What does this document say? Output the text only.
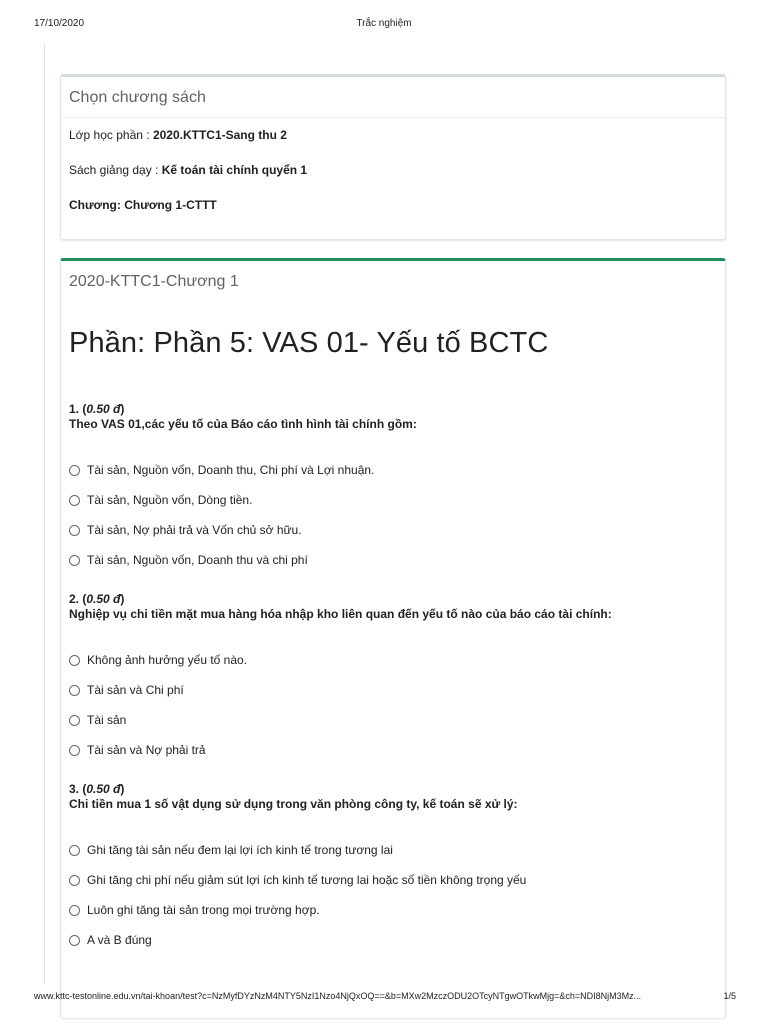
17/10/2020	Trắc nghiệm
Chọn chương sách
Lớp học phần : 2020.KTTC1-Sang thu 2
Sách giảng dạy : Kế toán tài chính quyển 1
Chương: Chương 1-CTTT
2020-KTTC1-Chương 1
Phần: Phần 5: VAS 01- Yếu tố BCTC
1. (0.50 đ)
Theo VAS 01,các yếu tố của Báo cáo tình hình tài chính gồm:
Tài sản, Nguồn vốn, Doanh thu, Chi phí và Lợi nhuận.
Tài sản, Nguồn vốn, Dòng tiền.
Tài sản, Nợ phải trả và Vốn chủ sở hữu.
Tài sản, Nguồn vốn, Doanh thu và chi phí
2. (0.50 đ)
Nghiệp vụ chi tiền mặt mua hàng hóa nhập kho liên quan đến yếu tố nào của báo cáo tài chính:
Không ảnh hưởng yếu tố nào.
Tài sản và Chi phí
Tài sản
Tài sản và Nợ phải trả
3. (0.50 đ)
Chi tiền mua 1 số vật dụng sử dụng trong văn phòng công ty, kế toán sẽ xử lý:
Ghi tăng tài sản nếu đem lại lợi ích kinh tế trong tương lai
Ghi tăng chi phí nếu giảm sút lợi ích kinh tế tương lai hoặc số tiền không trọng yếu
Luôn ghi tăng tài sản trong mọi trường hợp.
A và B đúng
www.kttc-testonline.edu.vn/tai-khoan/test?c=NzMyfDYzNzM4NTY5NzI1Nzo4NjQxOQ==&b=MXw2MzczODU2OTcyNTgwOTkwMjg=&ch=NDI8NjM3Mz...	1/5
